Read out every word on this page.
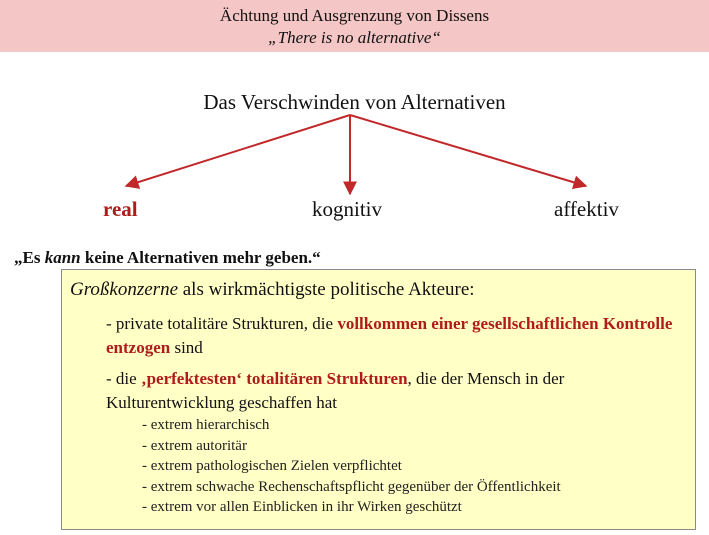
Ächtung und Ausgrenzung von Dissens
„There is no alternative“
Das Verschwinden von Alternativen
real	kognitiv	affektiv
„Es kann keine Alternativen mehr geben.“
Großkonzerne als wirkmächtigste politische Akteure:
- private totalitäre Strukturen, die vollkommen einer gesellschaftlichen Kontrolle entzogen sind
- die ‚perfektesten‘ totalitären Strukturen, die der Mensch in der Kulturentwicklung geschaffen hat
- extrem hierarchisch
- extrem autoritär
- extrem pathologischen Zielen verpflichtet
- extrem schwache Rechenschaftspflicht gegenüber der Öffentlichkeit
- extrem vor allen Einblicken in ihr Wirken geschützt
